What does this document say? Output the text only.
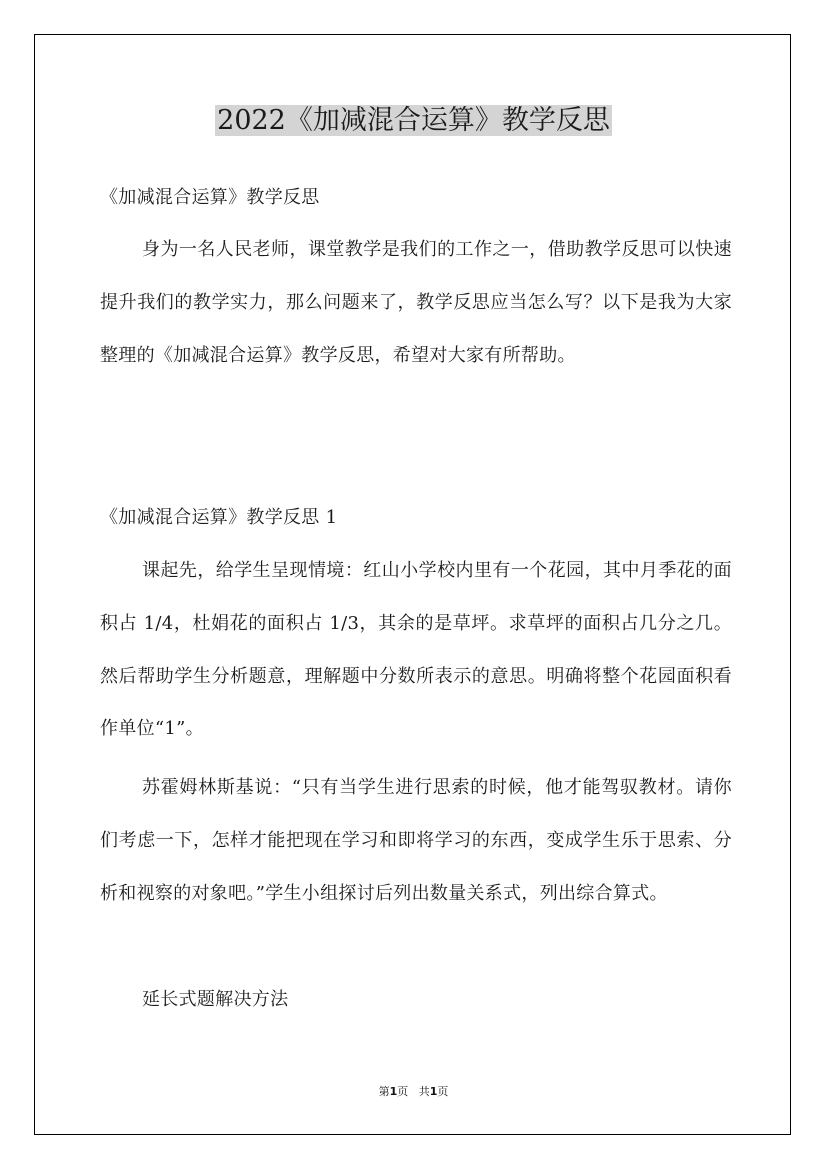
2022《加减混合运算》教学反思

《加减混合运算》教学反思

身为一名人民老师，课堂教学是我们的工作之一，借助教学反思可以快速提升我们的教学实力，那么问题来了，教学反思应当怎么写？以下是我为大家整理的《加减混合运算》教学反思，希望对大家有所帮助。

《加减混合运算》教学反思 1

课起先，给学生呈现情境：红山小学校内里有一个花园，其中月季花的面积占 1/4，杜娟花的面积占 1/3，其余的是草坪。求草坪的面积占几分之几。然后帮助学生分析题意，理解题中分数所表示的意思。明确将整个花园面积看作单位“1”。

苏霍姆林斯基说：“只有当学生进行思索的时候，他才能驾驭教材。请你们考虑一下，怎样才能把现在学习和即将学习的东西，变成学生乐于思索、分析和视察的对象吧。”学生小组探讨后列出数量关系式，列出综合算式。

延长式题解决方法

第1页 共1页
